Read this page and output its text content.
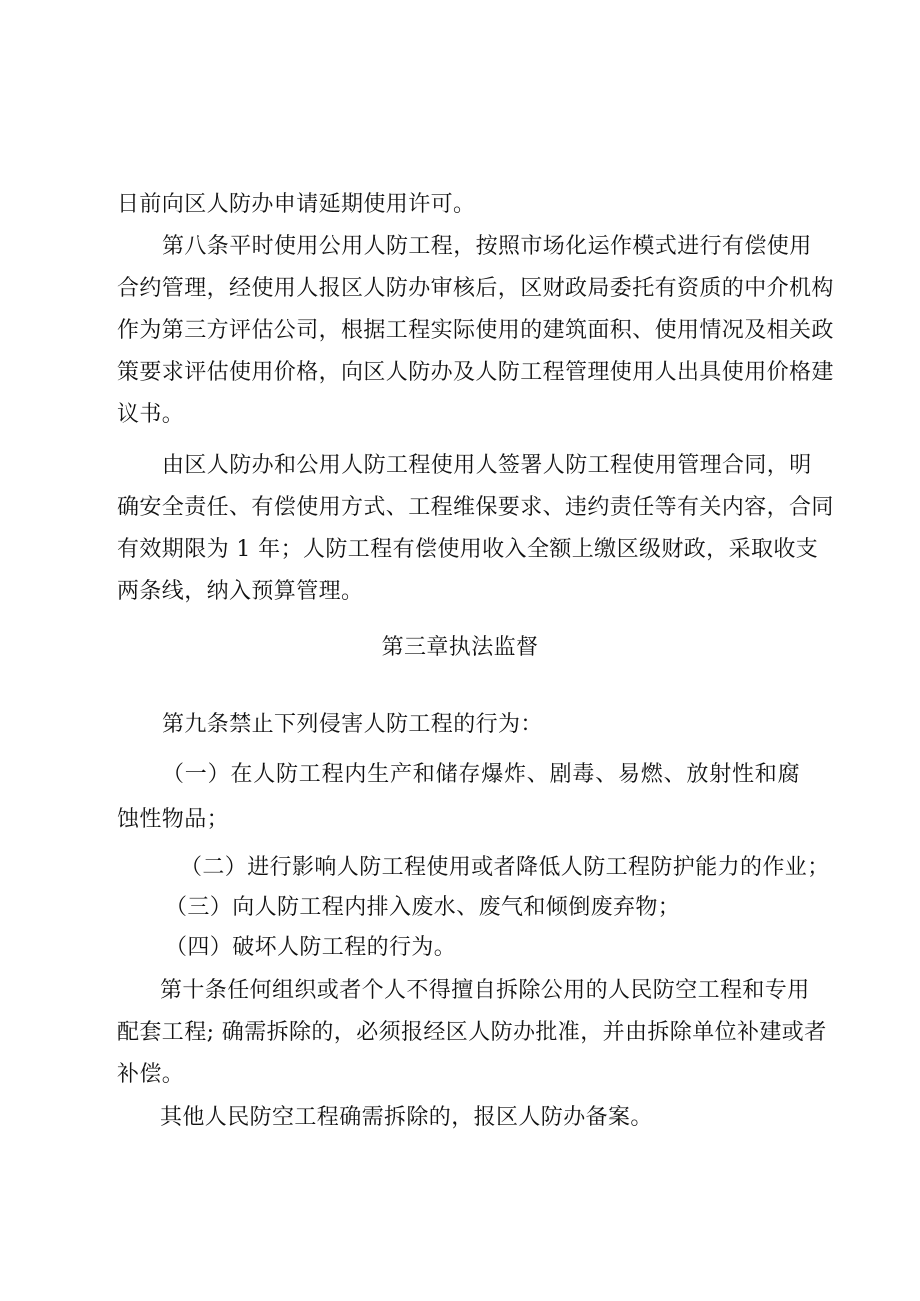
日前向区人防办申请延期使用许可。
第八条平时使用公用人防工程，按照市场化运作模式进行有偿使用
合约管理，经使用人报区人防办审核后，区财政局委托有资质的中介机构
作为第三方评估公司，根据工程实际使用的建筑面积、使用情况及相关政
策要求评估使用价格，向区人防办及人防工程管理使用人出具使用价格建
议书。
由区人防办和公用人防工程使用人签署人防工程使用管理合同，明
确安全责任、有偿使用方式、工程维保要求、违约责任等有关内容，合同
有效期限为 1 年；人防工程有偿使用收入全额上缴区级财政，采取收支
两条线，纳入预算管理。
第三章执法监督
第九条禁止下列侵害人防工程的行为：
（一）在人防工程内生产和储存爆炸、剧毒、易燃、放射性和腐
蚀性物品；
（二）进行影响人防工程使用或者降低人防工程防护能力的作业；
（三）向人防工程内排入废水、废气和倾倒废弃物；
（四）破坏人防工程的行为。
第十条任何组织或者个人不得擅自拆除公用的人民防空工程和专用
配套工程; 确需拆除的，必须报经区人防办批准，并由拆除单位补建或者
补偿。
其他人民防空工程确需拆除的，报区人防办备案。
